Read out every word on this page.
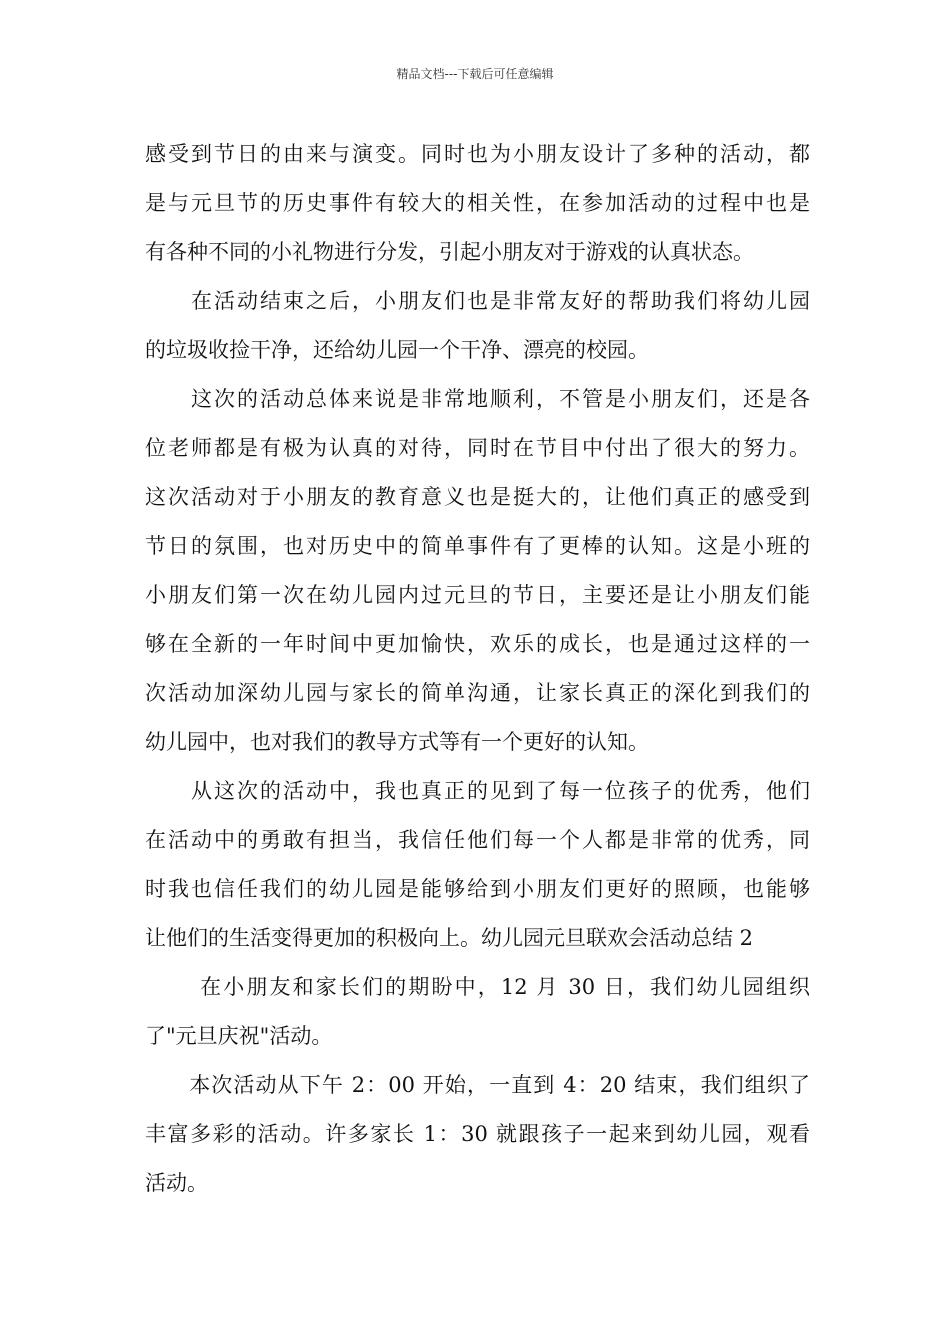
精品文档---下载后可任意编辑
感受到节日的由来与演变。同时也为小朋友设计了多种的活动，都
是与元旦节的历史事件有较大的相关性，在参加活动的过程中也是
有各种不同的小礼物进行分发，引起小朋友对于游戏的认真状态。
　　在活动结束之后，小朋友们也是非常友好的帮助我们将幼儿园
的垃圾收捡干净，还给幼儿园一个干净、漂亮的校园。
　　这次的活动总体来说是非常地顺利，不管是小朋友们，还是各
位老师都是有极为认真的对待，同时在节目中付出了很大的努力。
这次活动对于小朋友的教育意义也是挺大的，让他们真正的感受到
节日的氛围，也对历史中的简单事件有了更棒的认知。这是小班的
小朋友们第一次在幼儿园内过元旦的节日，主要还是让小朋友们能
够在全新的一年时间中更加愉快，欢乐的成长，也是通过这样的一
次活动加深幼儿园与家长的简单沟通，让家长真正的深化到我们的
幼儿园中，也对我们的教导方式等有一个更好的认知。
　　从这次的活动中，我也真正的见到了每一位孩子的优秀，他们
在活动中的勇敢有担当，我信任他们每一个人都是非常的优秀，同
时我也信任我们的幼儿园是能够给到小朋友们更好的照顾，也能够
让他们的生活变得更加的积极向上。幼儿园元旦联欢会活动总结 2
　　 在小朋友和家长们的期盼中，12 月 30 日，我们幼儿园组织
了"元旦庆祝"活动。
　　本次活动从下午 2：00 开始，一直到 4：20 结束，我们组织了
丰富多彩的活动。许多家长 1：30 就跟孩子一起来到幼儿园，观看
活动。
